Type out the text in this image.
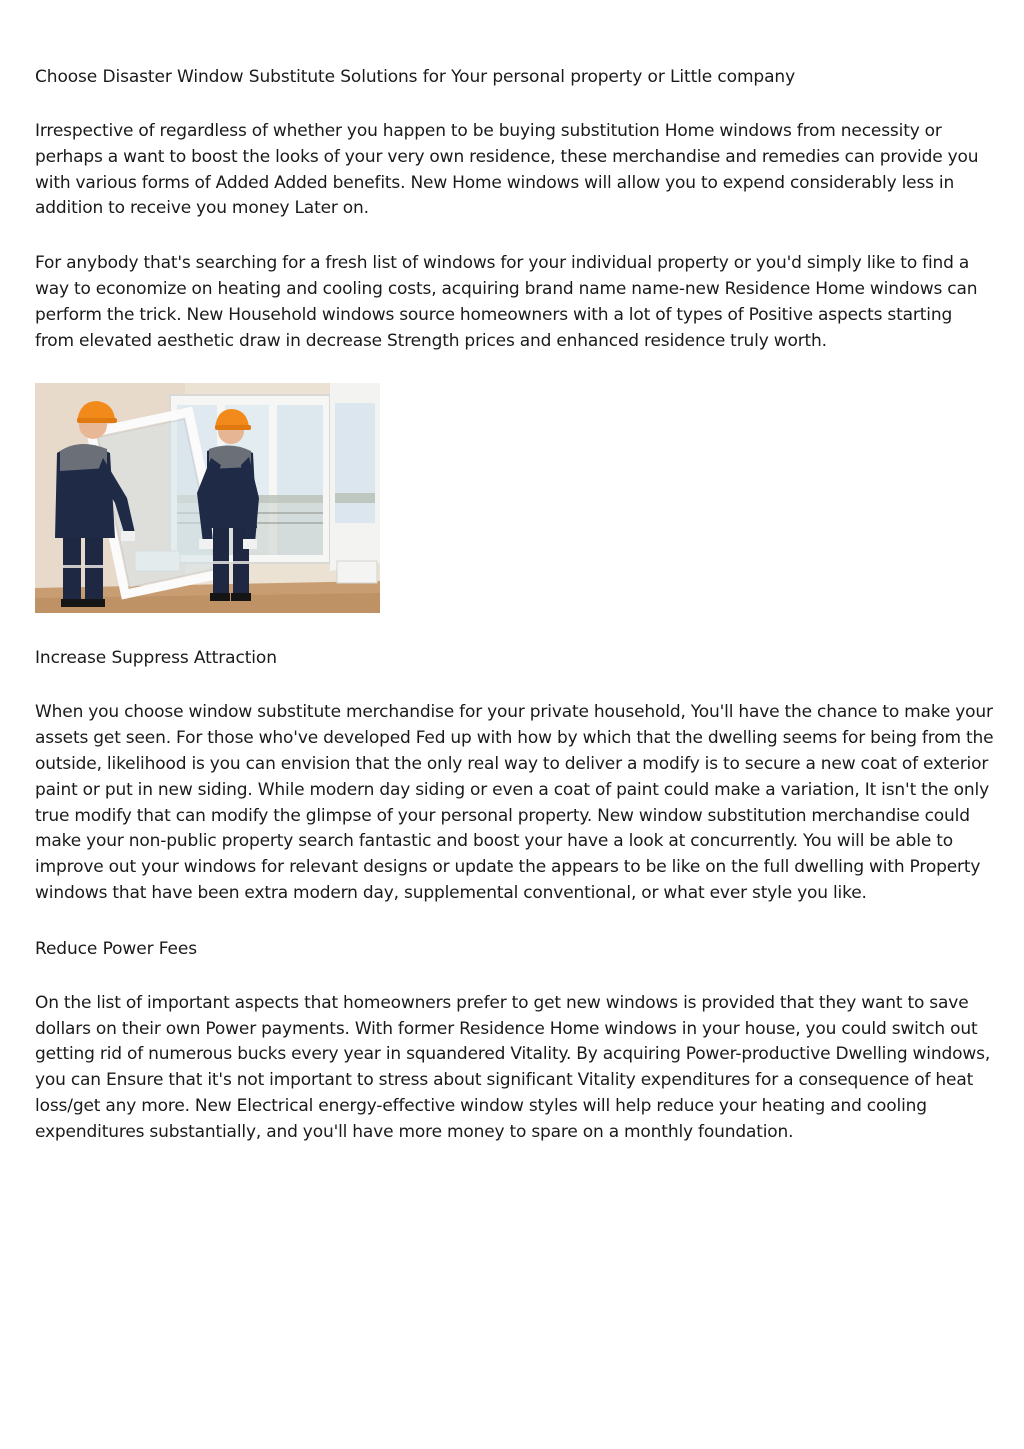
Choose Disaster Window Substitute Solutions for Your personal property or Little company

Irrespective of regardless of whether you happen to be buying substitution Home windows from necessity or perhaps a want to boost the looks of your very own residence, these merchandise and remedies can provide you with various forms of Added Added benefits. New Home windows will allow you to expend considerably less in addition to receive you money Later on.

For anybody that's searching for a fresh list of windows for your individual property or you'd simply like to find a way to economize on heating and cooling costs, acquiring brand name name-new Residence Home windows can perform the trick. New Household windows source homeowners with a lot of types of Positive aspects starting from elevated aesthetic draw in decrease Strength prices and enhanced residence truly worth.

Increase Suppress Attraction

When you choose window substitute merchandise for your private household, You'll have the chance to make your assets get seen. For those who've developed Fed up with how by which that the dwelling seems for being from the outside, likelihood is you can envision that the only real way to deliver a modify is to secure a new coat of exterior paint or put in new siding. While modern day siding or even a coat of paint could make a variation, It isn't the only true modify that can modify the glimpse of your personal property. New window substitution merchandise could make your non-public property search fantastic and boost your have a look at concurrently. You will be able to improve out your windows for relevant designs or update the appears to be like on the full dwelling with Property windows that have been extra modern day, supplemental conventional, or what ever style you like.

Reduce Power Fees

On the list of important aspects that homeowners prefer to get new windows is provided that they want to save dollars on their own Power payments. With former Residence Home windows in your house, you could switch out getting rid of numerous bucks every year in squandered Vitality. By acquiring Power-productive Dwelling windows, you can Ensure that it's not important to stress about significant Vitality expenditures for a consequence of heat loss/get any more. New Electrical energy-effective window styles will help reduce your heating and cooling expenditures substantially, and you'll have more money to spare on a monthly foundation.
